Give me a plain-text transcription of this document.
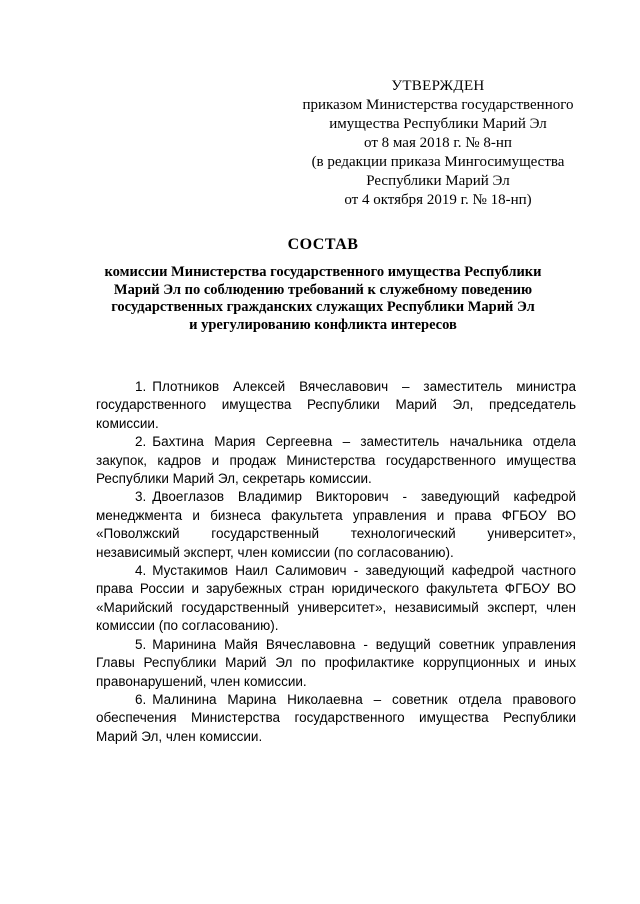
УТВЕРЖДЕН
приказом Министерства государственного
имущества Республики Марий Эл
от 8 мая 2018 г. № 8-нп
(в редакции приказа Мингосимущества
Республики Марий Эл
от 4 октября 2019 г. № 18-нп)
СОСТАВ
комиссии Министерства государственного имущества Республики
Марий Эл по соблюдению требований к служебному поведению
государственных гражданских служащих Республики Марий Эл
и урегулированию конфликта интересов

1. Плотников Алексей Вячеславович – заместитель министра государственного имущества Республики Марий Эл, председатель комиссии.

2. Бахтина Мария Сергеевна – заместитель начальника отдела закупок, кадров и продаж Министерства государственного имущества Республики Марий Эл, секретарь комиссии.

3. Двоеглазов Владимир Викторович - заведующий кафедрой менеджмента и бизнеса факультета управления и права ФГБОУ ВО «Поволжский государственный технологический университет», независимый эксперт, член комиссии (по согласованию).

4. Мустакимов Наил Салимович - заведующий кафедрой частного права России и зарубежных стран юридического факультета ФГБОУ ВО «Марийский государственный университет», независимый эксперт, член комиссии (по согласованию).

5. Маринина Майя Вячеславовна - ведущий советник управления Главы Республики Марий Эл по профилактике коррупционных и иных правонарушений, член комиссии.

6. Малинина Марина Николаевна – советник отдела правового обеспечения Министерства государственного имущества Республики Марий Эл, член комиссии.
